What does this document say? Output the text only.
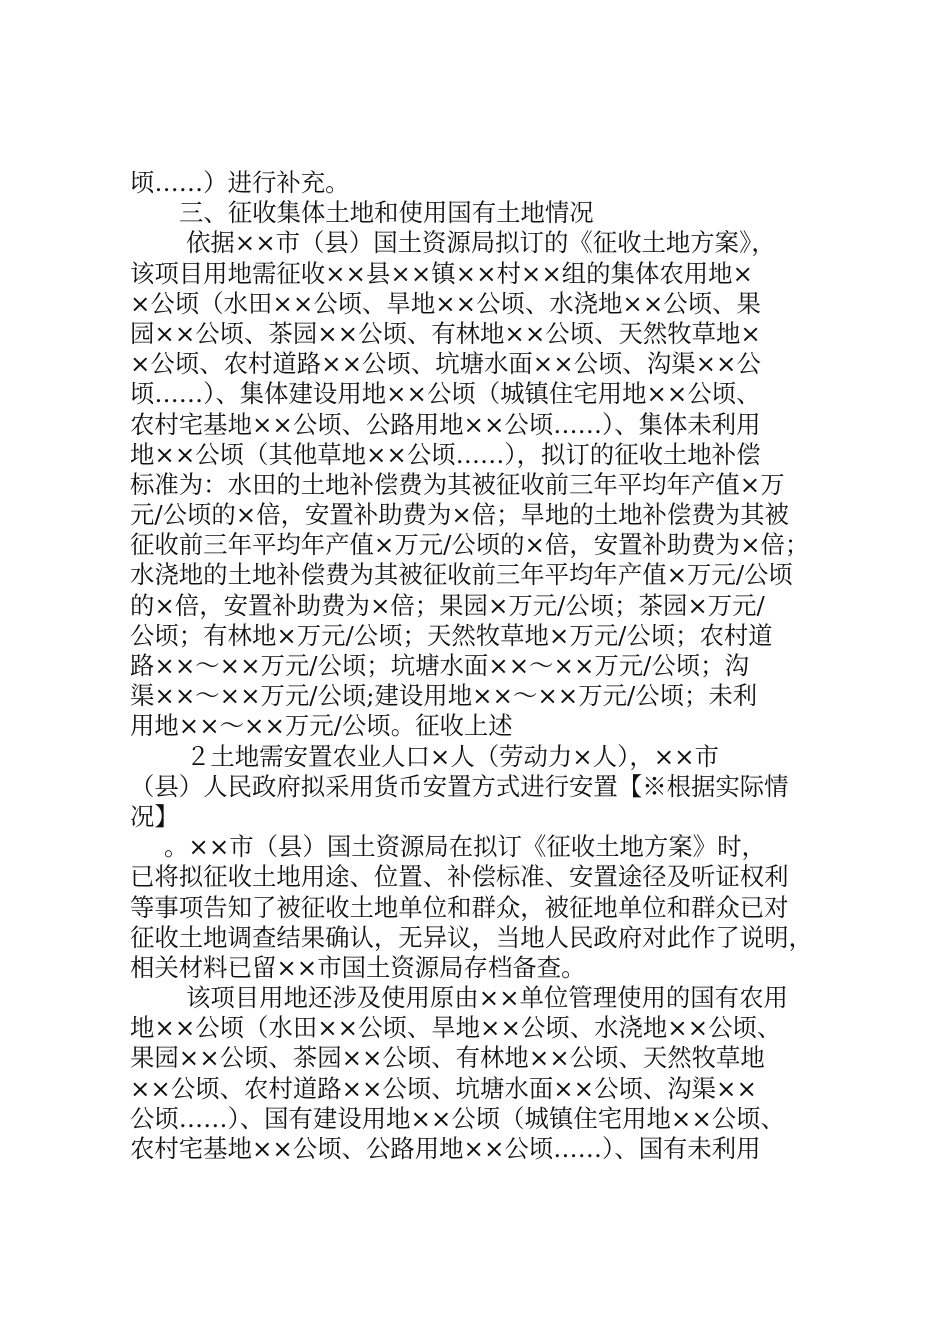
顷……）进行补充。
三、征收集体土地和使用国有土地情况
依据××市（县）国土资源局拟订的《征收土地方案》，
该项目用地需征收××县××镇××村××组的集体农用地×
×公顷（水田××公顷、旱地××公顷、水浇地××公顷、果
园××公顷、茶园××公顷、有林地××公顷、天然牧草地×
×公顷、农村道路××公顷、坑塘水面××公顷、沟渠××公
顷……）、集体建设用地××公顷（城镇住宅用地××公顷、
农村宅基地××公顷、公路用地××公顷……）、集体未利用
地××公顷（其他草地××公顷……），拟订的征收土地补偿
标准为：水田的土地补偿费为其被征收前三年平均年产值×万
元/公顷的×倍，安置补助费为×倍；旱地的土地补偿费为其被
征收前三年平均年产值×万元/公顷的×倍，安置补助费为×倍；
水浇地的土地补偿费为其被征收前三年平均年产值×万元/公顷
的×倍，安置补助费为×倍；果园×万元/公顷；茶园×万元/
公顷；有林地×万元/公顷；天然牧草地×万元/公顷；农村道
路××～××万元/公顷；坑塘水面××～××万元/公顷；沟
渠××～××万元/公顷;建设用地××～××万元/公顷；未利
用地××～××万元/公顷。征收上述
２土地需安置农业人口×人（劳动力×人），××市
（县）人民政府拟采用货币安置方式进行安置【※根据实际情
况】
。××市（县）国土资源局在拟订《征收土地方案》时，
已将拟征收土地用途、位置、补偿标准、安置途径及听证权利
等事项告知了被征收土地单位和群众，被征地单位和群众已对
征收土地调查结果确认，无异议，当地人民政府对此作了说明，
相关材料已留××市国土资源局存档备查。
该项目用地还涉及使用原由××单位管理使用的国有农用
地××公顷（水田××公顷、旱地××公顷、水浇地××公顷、
果园××公顷、茶园××公顷、有林地××公顷、天然牧草地
××公顷、农村道路××公顷、坑塘水面××公顷、沟渠××
公顷……）、国有建设用地××公顷（城镇住宅用地××公顷、
农村宅基地××公顷、公路用地××公顷……）、国有未利用
